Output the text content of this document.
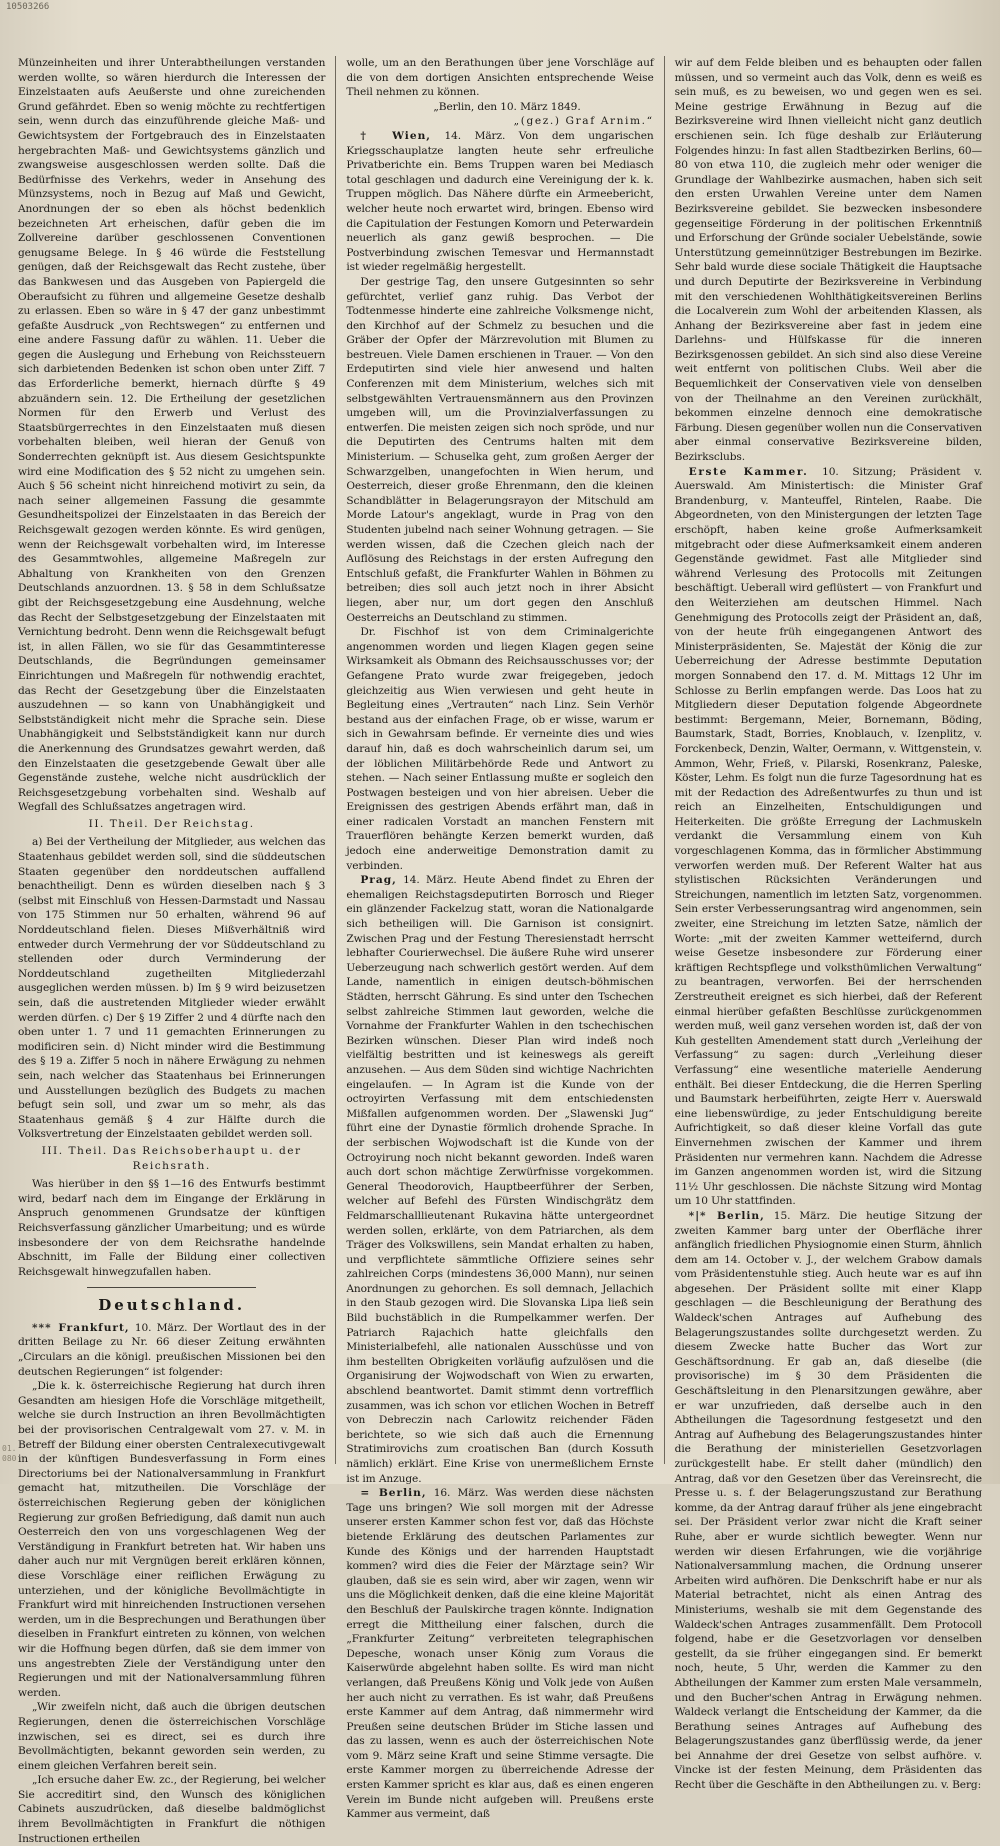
10503266

Münzeinheiten und ihrer Unterabtheilungen verstanden werden wollte, so wären hierdurch die Interessen der Einzelstaaten aufs Aeußerste und ohne zureichenden Grund gefährdet. Eben so wenig möchte zu rechtfertigen sein, wenn durch das einzuführende gleiche Maß- und Gewichtsystem der Fortgebrauch des in Einzelstaaten hergebrachten Maß- und Gewichtsystems gänzlich und zwangsweise ausgeschlossen werden sollte. Daß die Bedürfnisse des Verkehrs, weder in Ansehung des Münzsystems, noch in Bezug auf Maß und Gewicht, Anordnungen der so eben als höchst bedenklich bezeichneten Art erheischen, dafür geben die im Zollvereine darüber geschlossenen Conventionen genugsame Belege. In § 46 würde die Feststellung genügen, daß der Reichsgewalt das Recht zustehe, über das Bankwesen und das Ausgeben von Papiergeld die Oberaufsicht zu führen und allgemeine Gesetze deshalb zu erlassen. Eben so wäre in § 47 der ganz unbestimmt gefaßte Ausdruck „von Rechtswegen“ zu entfernen und eine andere Fassung dafür zu wählen. 11. Ueber die gegen die Auslegung und Erhebung von Reichssteuern sich darbietenden Bedenken ist schon oben unter Ziff. 7 das Erforderliche bemerkt, hiernach dürfte § 49 abzuändern sein. 12. Die Ertheilung der gesetzlichen Normen für den Erwerb und Verlust des Staatsbürgerrechtes in den Einzelstaaten muß diesen vorbehalten bleiben, weil hieran der Genuß von Sonderrechten geknüpft ist. Aus diesem Gesichtspunkte wird eine Modification des § 52 nicht zu umgehen sein. Auch § 56 scheint nicht hinreichend motivirt zu sein, da nach seiner allgemeinen Fassung die gesammte Gesundheitspolizei der Einzelstaaten in das Bereich der Reichsgewalt gezogen werden könnte. Es wird genügen, wenn der Reichsgewalt vorbehalten wird, im Interesse des Gesammtwohles, allgemeine Maßregeln zur Abhaltung von Krankheiten von den Grenzen Deutschlands anzuordnen. 13. § 58 in dem Schlußsatze gibt der Reichsgesetzgebung eine Ausdehnung, welche das Recht der Selbstgesetzgebung der Einzelstaaten mit Vernichtung bedroht. Denn wenn die Reichsgewalt befugt ist, in allen Fällen, wo sie für das Gesammtinteresse Deutschlands, die Begründungen gemeinsamer Einrichtungen und Maßregeln für nothwendig erachtet, das Recht der Gesetzgebung über die Einzelstaaten auszudehnen — so kann von Unabhängigkeit und Selbstständigkeit nicht mehr die Sprache sein. Diese Unabhängigkeit und Selbstständigkeit kann nur durch die Anerkennung des Grundsatzes gewahrt werden, daß den Einzelstaaten die gesetzgebende Gewalt über alle Gegenstände zustehe, welche nicht ausdrücklich der Reichsgesetzgebung vorbehalten sind. Weshalb auf Wegfall des Schlußsatzes angetragen wird.

II. Theil. Der Reichstag.

a) Bei der Vertheilung der Mitglieder, aus welchen das Staatenhaus gebildet werden soll, sind die süddeutschen Staaten gegenüber den norddeutschen auffallend benachtheiligt. Denn es würden dieselben nach § 3 (selbst mit Einschluß von Hessen-Darmstadt und Nassau von 175 Stimmen nur 50 erhalten, während 96 auf Norddeutschland fielen. Dieses Mißverhältniß wird entweder durch Vermehrung der vor Süddeutschland zu stellenden oder durch Verminderung der Norddeutschland zugetheilten Mitgliederzahl ausgeglichen werden müssen. b) Im § 9 wird beizusetzen sein, daß die austretenden Mitglieder wieder erwählt werden dürfen. c) Der § 19 Ziffer 2 und 4 dürfte nach den oben unter 1. 7 und 11 gemachten Erinnerungen zu modificiren sein. d) Nicht minder wird die Bestimmung des § 19 a. Ziffer 5 noch in nähere Erwägung zu nehmen sein, nach welcher das Staatenhaus bei Erinnerungen und Ausstellungen bezüglich des Budgets zu machen befugt sein soll, und zwar um so mehr, als das Staatenhaus gemäß § 4 zur Hälfte durch die Volksvertretung der Einzelstaaten gebildet werden soll.

III. Theil. Das Reichsoberhaupt u. der Reichsrath.

Was hierüber in den §§ 1—16 des Entwurfs bestimmt wird, bedarf nach dem im Eingange der Erklärung in Anspruch genommenen Grundsatze der künftigen Reichsverfassung gänzlicher Umarbeitung; und es würde insbesondere der von dem Reichsrathe handelnde Abschnitt, im Falle der Bildung einer collectiven Reichsgewalt hinwegzufallen haben.

Deutschland.

*** Frankfurt, 10. März. Der Wortlaut des in der dritten Beilage zu Nr. 66 dieser Zeitung erwähnten „Circulars an die königl. preußischen Missionen bei den deutschen Regierungen“ ist folgender:

„Die k. k. österreichische Regierung hat durch ihren Gesandten am hiesigen Hofe die Vorschläge mitgetheilt, welche sie durch Instruction an ihren Bevollmächtigten bei der provisorischen Centralgewalt vom 27. v. M. in Betreff der Bildung einer obersten Centralexecutivgewalt in der künftigen Bundesverfassung in Form eines Directoriums bei der Nationalversammlung in Frankfurt gemacht hat, mitzutheilen. Die Vorschläge der österreichischen Regierung geben der königlichen Regierung zur großen Befriedigung, daß damit nun auch Oesterreich den von uns vorgeschlagenen Weg der Verständigung in Frankfurt betreten hat. Wir haben uns daher auch nur mit Vergnügen bereit erklären können, diese Vorschläge einer reiflichen Erwägung zu unterziehen, und der königliche Bevollmächtigte in Frankfurt wird mit hinreichenden Instructionen versehen werden, um in die Besprechungen und Berathungen über dieselben in Frankfurt eintreten zu können, von welchen wir die Hoffnung begen dürfen, daß sie dem immer von uns angestrebten Ziele der Verständigung unter den Regierungen und mit der Nationalversammlung führen werden.

„Wir zweifeln nicht, daß auch die übrigen deutschen Regierungen, denen die österreichischen Vorschläge inzwischen, sei es direct, sei es durch ihre Bevollmächtigten, bekannt geworden sein werden, zu einem gleichen Verfahren bereit sein.

„Ich ersuche daher Ew. zc., der Regierung, bei welcher Sie accreditirt sind, den Wunsch des königlichen Cabinets auszudrücken, daß dieselbe baldmöglichst ihrem Bevollmächtigten in Frankfurt die nöthigen Instructionen ertheilen

wolle, um an den Berathungen über jene Vorschläge auf die von dem dortigen Ansichten entsprechende Weise Theil nehmen zu können.

„Berlin, den 10. März 1849.

„(gez.) Graf Arnim.“

† Wien, 14. März. Von dem ungarischen Kriegsschauplatze langten heute sehr erfreuliche Privatberichte ein. Bems Truppen waren bei Mediasch total geschlagen und dadurch eine Vereinigung der k. k. Truppen möglich. Das Nähere dürfte ein Armeebericht, welcher heute noch erwartet wird, bringen. Ebenso wird die Capitulation der Festungen Komorn und Peterwardein neuerlich als ganz gewiß besprochen. — Die Postverbindung zwischen Temesvar und Hermannstadt ist wieder regelmäßig hergestellt.

Der gestrige Tag, den unsere Gutgesinnten so sehr gefürchtet, verlief ganz ruhig. Das Verbot der Todtenmesse hinderte eine zahlreiche Volksmenge nicht, den Kirchhof auf der Schmelz zu besuchen und die Gräber der Opfer der Märzrevolution mit Blumen zu bestreuen. Viele Damen erschienen in Trauer. — Von den Erdeputirten sind viele hier anwesend und halten Conferenzen mit dem Ministerium, welches sich mit selbstgewählten Vertrauensmännern aus den Provinzen umgeben will, um die Provinzialverfassungen zu entwerfen. Die meisten zeigen sich noch spröde, und nur die Deputirten des Centrums halten mit dem Ministerium. — Schuselka geht, zum großen Aerger der Schwarzgelben, unangefochten in Wien herum, und Oesterreich, dieser große Ehrenmann, den die kleinen Schandblätter in Belagerungsrayon der Mitschuld am Morde Latour's angeklagt, wurde in Prag von den Studenten jubelnd nach seiner Wohnung getragen. — Sie werden wissen, daß die Czechen gleich nach der Auflösung des Reichstags in der ersten Aufregung den Entschluß gefaßt, die Frankfurter Wahlen in Böhmen zu betreiben; dies soll auch jetzt noch in ihrer Absicht liegen, aber nur, um dort gegen den Anschluß Oesterreichs an Deutschland zu stimmen.

Dr. Fischhof ist von dem Criminalgerichte angenommen worden und liegen Klagen gegen seine Wirksamkeit als Obmann des Reichsausschusses vor; der Gefangene Prato wurde zwar freigegeben, jedoch gleichzeitig aus Wien verwiesen und geht heute in Begleitung eines „Vertrauten“ nach Linz. Sein Verhör bestand aus der einfachen Frage, ob er wisse, warum er sich in Gewahrsam befinde. Er verneinte dies und wies darauf hin, daß es doch wahrscheinlich darum sei, um der löblichen Militärbehörde Rede und Antwort zu stehen. — Nach seiner Entlassung mußte er sogleich den Postwagen besteigen und von hier abreisen. Ueber die Ereignissen des gestrigen Abends erfährt man, daß in einer radicalen Vorstadt an manchen Fenstern mit Trauerflören behängte Kerzen bemerkt wurden, daß jedoch eine anderweitige Demonstration damit zu verbinden.

Prag, 14. März. Heute Abend findet zu Ehren der ehemaligen Reichstagsdeputirten Borrosch und Rieger ein glänzender Fackelzug statt, woran die Nationalgarde sich betheiligen will. Die Garnison ist consignirt. Zwischen Prag und der Festung Theresienstadt herrscht lebhafter Courierwechsel. Die äußere Ruhe wird unserer Ueberzeugung nach schwerlich gestört werden. Auf dem Lande, namentlich in einigen deutsch-böhmischen Städten, herrscht Gährung. Es sind unter den Tschechen selbst zahlreiche Stimmen laut geworden, welche die Vornahme der Frankfurter Wahlen in den tschechischen Bezirken wünschen. Dieser Plan wird indeß noch vielfältig bestritten und ist keineswegs als gereift anzusehen. — Aus dem Süden sind wichtige Nachrichten eingelaufen. — In Agram ist die Kunde von der octroyirten Verfassung mit dem entschiedensten Mißfallen aufgenommen worden. Der „Slawenski Jug“ führt eine der Dynastie förmlich drohende Sprache. In der serbischen Wojwodschaft ist die Kunde von der Octroyirung noch nicht bekannt geworden. Indeß waren auch dort schon mächtige Zerwürfnisse vorgekommen. General Theodorovich, Hauptbeerführer der Serben, welcher auf Befehl des Fürsten Windischgrätz dem Feldmarschalllieutenant Rukavina hätte untergeordnet werden sollen, erklärte, von dem Patriarchen, als dem Träger des Volkswillens, sein Mandat erhalten zu haben, und verpflichtete sämmtliche Offiziere seines sehr zahlreichen Corps (mindestens 36,000 Mann), nur seinen Anordnungen zu gehorchen. Es soll demnach, Jellachich in den Staub gezogen wird. Die Slovanska Lipa ließ sein Bild buchstäblich in die Rumpelkammer werfen. Der Patriarch Rajachich hatte gleichfalls den Ministerialbefehl, alle nationalen Ausschüsse und von ihm bestellten Obrigkeiten vorläufig aufzulösen und die Organisirung der Wojwodschaft von Wien zu erwarten, abschlend beantwortet. Damit stimmt denn vortrefflich zusammen, was ich schon vor etlichen Wochen in Betreff von Debreczin nach Carlowitz reichender Fäden berichtete, so wie sich daß auch die Ernennung Stratimirovichs zum croatischen Ban (durch Kossuth nämlich) erklärt. Eine Krise von unermeßlichem Ernste ist im Anzuge.

= Berlin, 16. März. Was werden diese nächsten Tage uns bringen? Wie soll morgen mit der Adresse unserer ersten Kammer schon fest vor, daß das Höchste bietende Erklärung des deutschen Parlamentes zur Kunde des Königs und der harrenden Hauptstadt kommen? wird dies die Feier der Märztage sein? Wir glauben, daß sie es sein wird, aber wir zagen, wenn wir uns die Möglichkeit denken, daß die eine kleine Majorität den Beschluß der Paulskirche tragen könnte. Indignation erregt die Mittheilung einer falschen, durch die „Frankfurter Zeitung“ verbreiteten telegraphischen Depesche, wonach unser König zum Voraus die Kaiserwürde abgelehnt haben sollte. Es wird man nicht verlangen, daß Preußens König und Volk jede von Außen her auch nicht zu verrathen. Es ist wahr, daß Preußens erste Kammer auf dem Antrag, daß nimmermehr wird Preußen seine deutschen Brüder im Stiche lassen und das zu lassen, wenn es auch der österreichischen Note vom 9. März seine Kraft und seine Stimme versagte. Die erste Kammer morgen zu überreichende Adresse der ersten Kammer spricht es klar aus, daß es einen engeren Verein im Bunde nicht aufgeben will. Preußens erste Kammer aus vermeint, daß

wir auf dem Felde bleiben und es behaupten oder fallen müssen, und so vermeint auch das Volk, denn es weiß es sein muß, es zu beweisen, wo und gegen wen es sei. Meine gestrige Erwähnung in Bezug auf die Bezirksvereine wird Ihnen vielleicht nicht ganz deutlich erschienen sein. Ich füge deshalb zur Erläuterung Folgendes hinzu: In fast allen Stadtbezirken Berlins, 60—80 von etwa 110, die zugleich mehr oder weniger die Grundlage der Wahlbezirke ausmachen, haben sich seit den ersten Urwahlen Vereine unter dem Namen Bezirksvereine gebildet. Sie bezwecken insbesondere gegenseitige Förderung in der politischen Erkenntniß und Erforschung der Gründe socialer Uebelstände, sowie Unterstützung gemeinnütziger Bestrebungen im Bezirke. Sehr bald wurde diese sociale Thätigkeit die Hauptsache und durch Deputirte der Bezirksvereine in Verbindung mit den verschiedenen Wohlthätigkeitsvereinen Berlins die Localverein zum Wohl der arbeitenden Klassen, als Anhang der Bezirksvereine aber fast in jedem eine Darlehns- und Hülfskasse für die inneren Bezirksgenossen gebildet. An sich sind also diese Vereine weit entfernt von politischen Clubs. Weil aber die Bequemlichkeit der Conservativen viele von denselben von der Theilnahme an den Vereinen zurückhält, bekommen einzelne dennoch eine demokratische Färbung. Diesen gegenüber wollen nun die Conservativen aber einmal conservative Bezirksvereine bilden, Bezirksclubs.

Erste Kammer. 10. Sitzung; Präsident v. Auerswald. Am Ministertisch: die Minister Graf Brandenburg, v. Manteuffel, Rintelen, Raabe. Die Abgeordneten, von den Ministergungen der letzten Tage erschöpft, haben keine große Aufmerksamkeit mitgebracht oder diese Aufmerksamkeit einem anderen Gegenstände gewidmet. Fast alle Mitglieder sind während Verlesung des Protocolls mit Zeitungen beschäftigt. Ueberall wird geflüstert — von Frankfurt und den Weiterziehen am deutschen Himmel. Nach Genehmigung des Protocolls zeigt der Präsident an, daß, von der heute früh eingegangenen Antwort des Ministerpräsidenten, Se. Majestät der König die zur Ueberreichung der Adresse bestimmte Deputation morgen Sonnabend den 17. d. M. Mittags 12 Uhr im Schlosse zu Berlin empfangen werde. Das Loos hat zu Mitgliedern dieser Deputation folgende Abgeordnete bestimmt: Bergemann, Meier, Bornemann, Böding, Baumstark, Stadt, Borries, Knoblauch, v. Izenplitz, v. Forckenbeck, Denzin, Walter, Oermann, v. Wittgenstein, v. Ammon, Wehr, Frieß, v. Pilarski, Rosenkranz, Paleske, Köster, Lehm. Es folgt nun die furze Tagesordnung hat es mit der Redaction des Adreßentwurfes zu thun und ist reich an Einzelheiten, Entschuldigungen und Heiterkeiten. Die größte Erregung der Lachmuskeln verdankt die Versammlung einem von Kuh vorgeschlagenen Komma, das in förmlicher Abstimmung verworfen werden muß. Der Referent Walter hat aus stylistischen Rücksichten Veränderungen und Streichungen, namentlich im letzten Satz, vorgenommen. Sein erster Verbesserungsantrag wird angenommen, sein zweiter, eine Streichung im letzten Satze, nämlich der Worte: „mit der zweiten Kammer wetteifernd, durch weise Gesetze insbesondere zur Förderung einer kräftigen Rechtspflege und volksthümlichen Verwaltung“ zu beantragen, verworfen. Bei der herrschenden Zerstreutheit ereignet es sich hierbei, daß der Referent einmal hierüber gefaßten Beschlüsse zurückgenommen werden muß, weil ganz versehen worden ist, daß der von Kuh gestellten Amendement statt durch „Verleihung der Verfassung“ zu sagen: durch „Verleihung dieser Verfassung“ eine wesentliche materielle Aenderung enthält. Bei dieser Entdeckung, die die Herren Sperling und Baumstark herbeiführten, zeigte Herr v. Auerswald eine liebenswürdige, zu jeder Entschuldigung bereite Aufrichtigkeit, so daß dieser kleine Vorfall das gute Einvernehmen zwischen der Kammer und ihrem Präsidenten nur vermehren kann. Nachdem die Adresse im Ganzen angenommen worden ist, wird die Sitzung 11½ Uhr geschlossen. Die nächste Sitzung wird Montag um 10 Uhr stattfinden.

*|* Berlin, 15. März. Die heutige Sitzung der zweiten Kammer barg unter der Oberfläche ihrer anfänglich friedlichen Physiognomie einen Sturm, ähnlich dem am 14. October v. J., der welchem Grabow damals vom Präsidentenstuhle stieg. Auch heute war es auf ihn abgesehen. Der Präsident sollte mit einer Klapp geschlagen — die Beschleunigung der Berathung des Waldeck'schen Antrages auf Aufhebung des Belagerungszustandes sollte durchgesetzt werden. Zu diesem Zwecke hatte Bucher das Wort zur Geschäftsordnung. Er gab an, daß dieselbe (die provisorische) im § 30 dem Präsidenten die Geschäftsleitung in den Plenarsitzungen gewähre, aber er war unzufrieden, daß derselbe auch in den Abtheilungen die Tagesordnung festgesetzt und den Antrag auf Aufhebung des Belagerungszustandes hinter die Berathung der ministeriellen Gesetzvorlagen zurückgestellt habe. Er stellt daher (mündlich) den Antrag, daß vor den Gesetzen über das Vereinsrecht, die Presse u. s. f. der Belagerungszustand zur Berathung komme, da der Antrag darauf früher als jene eingebracht sei. Der Präsident verlor zwar nicht die Kraft seiner Ruhe, aber er wurde sichtlich bewegter. Wenn nur werden wir diesen Erfahrungen, wie die vorjährige Nationalversammlung machen, die Ordnung unserer Arbeiten wird aufhören. Die Denkschrift habe er nur als Material betrachtet, nicht als einen Antrag des Ministeriums, weshalb sie mit dem Gegenstande des Waldeck'schen Antrages zusammenfällt. Dem Protocoll folgend, habe er die Gesetzvorlagen vor denselben gestellt, da sie früher eingegangen sind. Er bemerkt noch, heute, 5 Uhr, werden die Kammer zu den Abtheilungen der Kammer zum ersten Male versammeln, und den Bucher'schen Antrag in Erwägung nehmen. Waldeck verlangt die Entscheidung der Kammer, da die Berathung seines Antrages auf Aufhebung des Belagerungszustandes ganz überflüssig werde, da jener bei Annahme der drei Gesetze von selbst aufhöre. v. Vincke ist der festen Meinung, dem Präsidenten das Recht über die Geschäfte in den Abtheilungen zu. v. Berg:

01.
080
